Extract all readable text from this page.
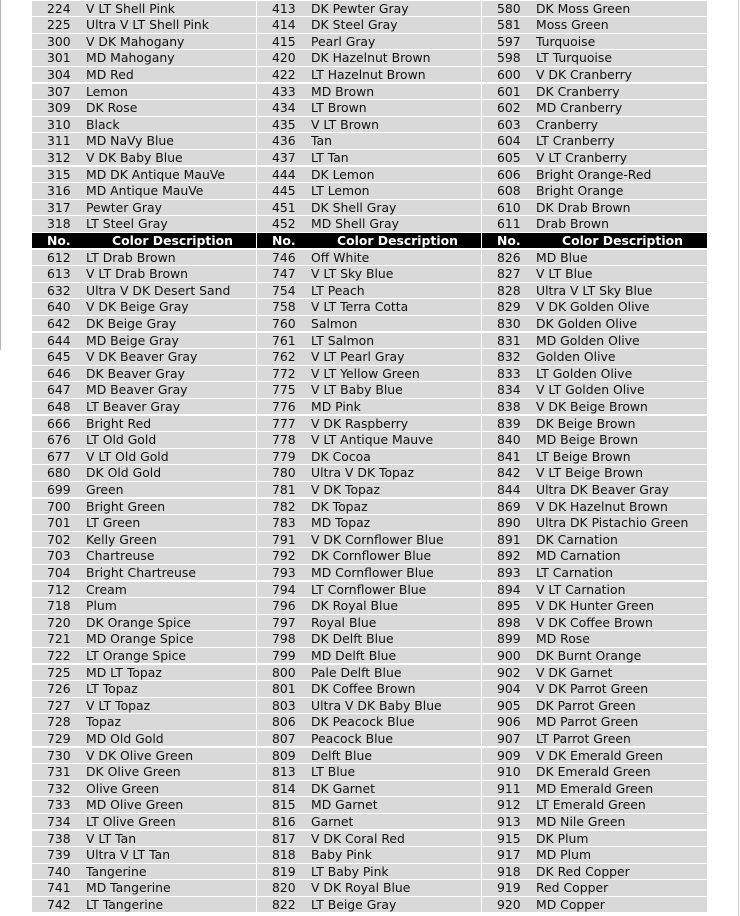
224 V LT Shell Pink	413 DK Pewter Gray	580 DK Moss Green
225 Ultra V LT Shell Pink	414 DK Steel Gray	581 Moss Green
300 V DK Mahogany	415 Pearl Gray	597 Turquoise
301 MD Mahogany	420 DK Hazelnut Brown	598 LT Turquoise
304 MD Red	422 LT Hazelnut Brown	600 V DK Cranberry
307 Lemon	433 MD Brown	601 DK Cranberry
309 DK Rose	434 LT Brown	602 MD Cranberry
310 Black	435 V LT Brown	603 Cranberry
311 MD NaVy Blue	436 Tan	604 LT Cranberry
312 V DK Baby Blue	437 LT Tan	605 V LT Cranberry
315 MD DK Antique MauVe	444 DK Lemon	606 Bright Orange-Red
316 MD Antique MauVe	445 LT Lemon	608 Bright Orange
317 Pewter Gray	451 DK Shell Gray	610 DK Drab Brown
318 LT Steel Gray	452 MD Shell Gray	611 Drab Brown
No.	Color Description	No.	Color Description	No.	Color Description
612 LT Drab Brown	746 Off White	826 MD Blue
613 V LT Drab Brown	747 V LT Sky Blue	827 V LT Blue
632 Ultra V DK Desert Sand	754 LT Peach	828 Ultra V LT Sky Blue
640 V DK Beige Gray	758 V LT Terra Cotta	829 V DK Golden Olive
642 DK Beige Gray	760 Salmon	830 DK Golden Olive
644 MD Beige Gray	761 LT Salmon	831 MD Golden Olive
645 V DK Beaver Gray	762 V LT Pearl Gray	832 Golden Olive
646 DK Beaver Gray	772 V LT Yellow Green	833 LT Golden Olive
647 MD Beaver Gray	775 V LT Baby Blue	834 V LT Golden Olive
648 LT Beaver Gray	776 MD Pink	838 V DK Beige Brown
666 Bright Red	777 V DK Raspberry	839 DK Beige Brown
676 LT Old Gold	778 V LT Antique Mauve	840 MD Beige Brown
677 V LT Old Gold	779 DK Cocoa	841 LT Beige Brown
680 DK Old Gold	780 Ultra V DK Topaz	842 V LT Beige Brown
699 Green	781 V DK Topaz	844 Ultra DK Beaver Gray
700 Bright Green	782 DK Topaz	869 V DK Hazelnut Brown
701 LT Green	783 MD Topaz	890 Ultra DK Pistachio Green
702 Kelly Green	791 V DK Cornflower Blue	891 DK Carnation
703 Chartreuse	792 DK Cornflower Blue	892 MD Carnation
704 Bright Chartreuse	793 MD Cornflower Blue	893 LT Carnation
712 Cream	794 LT Cornflower Blue	894 V LT Carnation
718 Plum	796 DK Royal Blue	895 V DK Hunter Green
720 DK Orange Spice	797 Royal Blue	898 V DK Coffee Brown
721 MD Orange Spice	798 DK Delft Blue	899 MD Rose
722 LT Orange Spice	799 MD Delft Blue	900 DK Burnt Orange
725 MD LT Topaz	800 Pale Delft Blue	902 V DK Garnet
726 LT Topaz	801 DK Coffee Brown	904 V DK Parrot Green
727 V LT Topaz	803 Ultra V DK Baby Blue	905 DK Parrot Green
728 Topaz	806 DK Peacock Blue	906 MD Parrot Green
729 MD Old Gold	807 Peacock Blue	907 LT Parrot Green
730 V DK Olive Green	809 Delft Blue	909 V DK Emerald Green
731 DK Olive Green	813 LT Blue	910 DK Emerald Green
732 Olive Green	814 DK Garnet	911 MD Emerald Green
733 MD Olive Green	815 MD Garnet	912 LT Emerald Green
734 LT Olive Green	816 Garnet	913 MD Nile Green
738 V LT Tan	817 V DK Coral Red	915 DK Plum
739 Ultra V LT Tan	818 Baby Pink	917 MD Plum
740 Tangerine	819 LT Baby Pink	918 DK Red Copper
741 MD Tangerine	820 V DK Royal Blue	919 Red Copper
742 LT Tangerine	822 LT Beige Gray	920 MD Copper
